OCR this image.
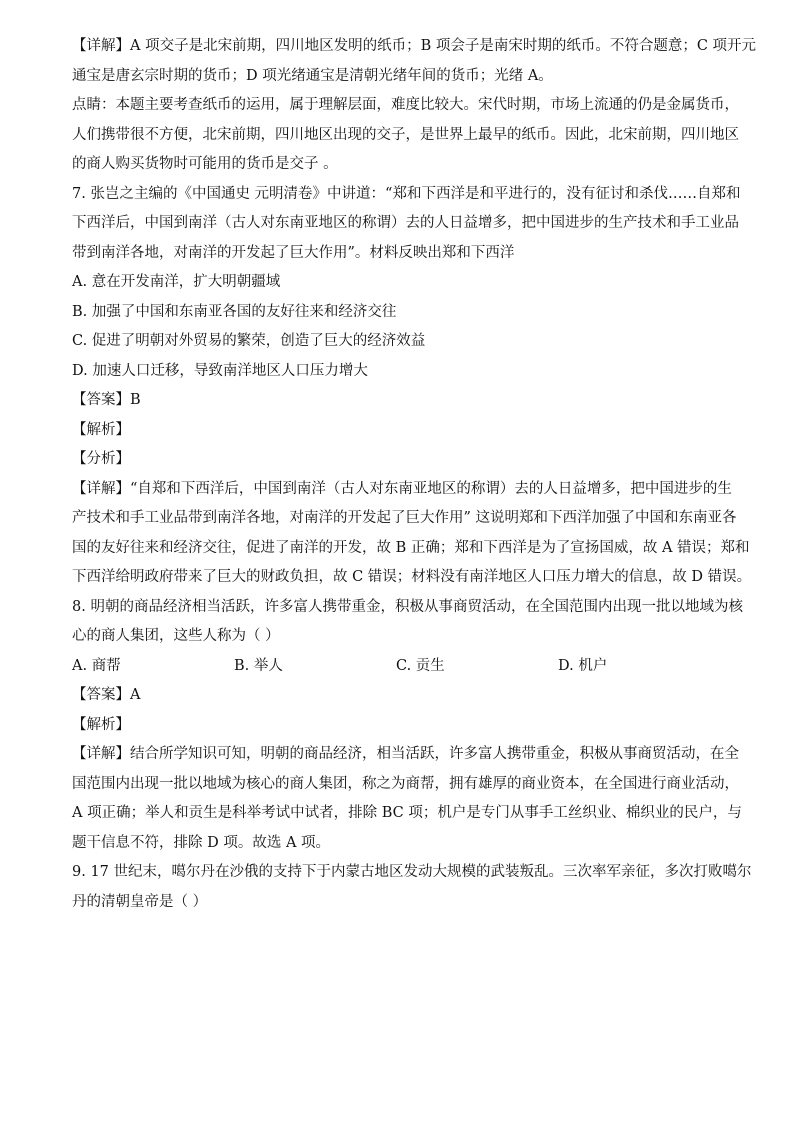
【详解】A 项交子是北宋前期，四川地区发明的纸币；B 项会子是南宋时期的纸币。不符合题意；C 项开元
通宝是唐玄宗时期的货币；D 项光绪通宝是清朝光绪年间的货币；光绪 A。
点睛：本题主要考查纸币的运用，属于理解层面，难度比较大。宋代时期，市场上流通的仍是金属货币，
人们携带很不方便，北宋前期，四川地区出现的交子，是世界上最早的纸币。因此，北宋前期，四川地区
的商人购买货物时可能用的货币是交子 。
7. 张岂之主编的《中国通史 元明清卷》中讲道：“郑和下西洋是和平进行的，没有征讨和杀伐……自郑和
下西洋后，中国到南洋（古人对东南亚地区的称谓）去的人日益增多，把中国进步的生产技术和手工业品
带到南洋各地，对南洋的开发起了巨大作用”。材料反映出郑和下西洋
A. 意在开发南洋，扩大明朝疆域
B. 加强了中国和东南亚各国的友好往来和经济交往
C. 促进了明朝对外贸易的繁荣，创造了巨大的经济效益
D. 加速人口迁移，导致南洋地区人口压力增大
【答案】B
【解析】
【分析】
【详解】“自郑和下西洋后，中国到南洋（古人对东南亚地区的称谓）去的人日益增多，把中国进步的生
产技术和手工业品带到南洋各地，对南洋的开发起了巨大作用” 这说明郑和下西洋加强了中国和东南亚各
国的友好往来和经济交往，促进了南洋的开发，故 B 正确；郑和下西洋是为了宣扬国威，故 A 错误；郑和
下西洋给明政府带来了巨大的财政负担，故 C 错误；材料没有南洋地区人口压力增大的信息，故 D 错误。
8. 明朝的商品经济相当活跃，许多富人携带重金，积极从事商贸活动，在全国范围内出现一批以地域为核
心的商人集团，这些人称为（ ）
A. 商帮	B. 举人	C. 贡生	D. 机户
【答案】A
【解析】
【详解】结合所学知识可知，明朝的商品经济，相当活跃，许多富人携带重金，积极从事商贸活动，在全
国范围内出现一批以地域为核心的商人集团，称之为商帮，拥有雄厚的商业资本，在全国进行商业活动，
A 项正确；举人和贡生是科举考试中试者，排除 BC 项；机户是专门从事手工丝织业、棉织业的民户，与
题干信息不符，排除 D 项。故选 A 项。
9. 17 世纪末，噶尔丹在沙俄的支持下于内蒙古地区发动大规模的武装叛乱。三次率军亲征，多次打败噶尔
丹的清朝皇帝是（ ）
